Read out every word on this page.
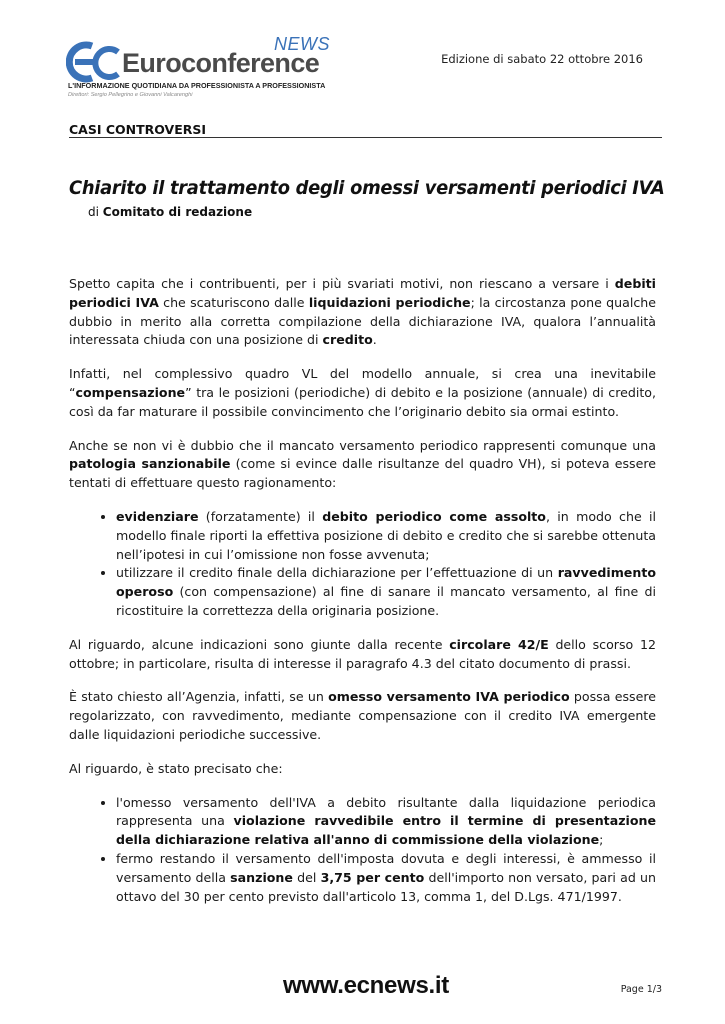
NEWS
Euroconference
L'INFORMAZIONE QUOTIDIANA DA PROFESSIONISTA A PROFESSIONISTA
Direttori: Sergio Pellegrino e Giovanni Valcarenghi
Edizione di sabato 22 ottobre 2016
CASI CONTROVERSI
Chiarito il trattamento degli omessi versamenti periodici IVA
di Comitato di redazione

Spetto capita che i contribuenti, per i più svariati motivi, non riescano a versare i debiti periodici IVA che scaturiscono dalle liquidazioni periodiche; la circostanza pone qualche dubbio in merito alla corretta compilazione della dichiarazione IVA, qualora l’annualità interessata chiuda con una posizione di credito.

Infatti, nel complessivo quadro VL del modello annuale, si crea una inevitabile “compensazione” tra le posizioni (periodiche) di debito e la posizione (annuale) di credito, così da far maturare il possibile convincimento che l’originario debito sia ormai estinto.

Anche se non vi è dubbio che il mancato versamento periodico rappresenti comunque una patologia sanzionabile (come si evince dalle risultanze del quadro VH), si poteva essere tentati di effettuare questo ragionamento:

• evidenziare (forzatamente) il debito periodico come assolto, in modo che il modello finale riporti la effettiva posizione di debito e credito che si sarebbe ottenuta nell’ipotesi in cui l’omissione non fosse avvenuta;
• utilizzare il credito finale della dichiarazione per l’effettuazione di un ravvedimento operoso (con compensazione) al fine di sanare il mancato versamento, al fine di ricostituire la correttezza della originaria posizione.

Al riguardo, alcune indicazioni sono giunte dalla recente circolare 42/E dello scorso 12 ottobre; in particolare, risulta di interesse il paragrafo 4.3 del citato documento di prassi.

È stato chiesto all’Agenzia, infatti, se un omesso versamento IVA periodico possa essere regolarizzato, con ravvedimento, mediante compensazione con il credito IVA emergente dalle liquidazioni periodiche successive.

Al riguardo, è stato precisato che:

• l'omesso versamento dell'IVA a debito risultante dalla liquidazione periodica rappresenta una violazione ravvedibile entro il termine di presentazione della dichiarazione relativa all'anno di commissione della violazione;
• fermo restando il versamento dell'imposta dovuta e degli interessi, è ammesso il versamento della sanzione del 3,75 per cento dell'importo non versato, pari ad un ottavo del 30 per cento previsto dall'articolo 13, comma 1, del D.Lgs. 471/1997.
www.ecnews.it	Page 1/3
